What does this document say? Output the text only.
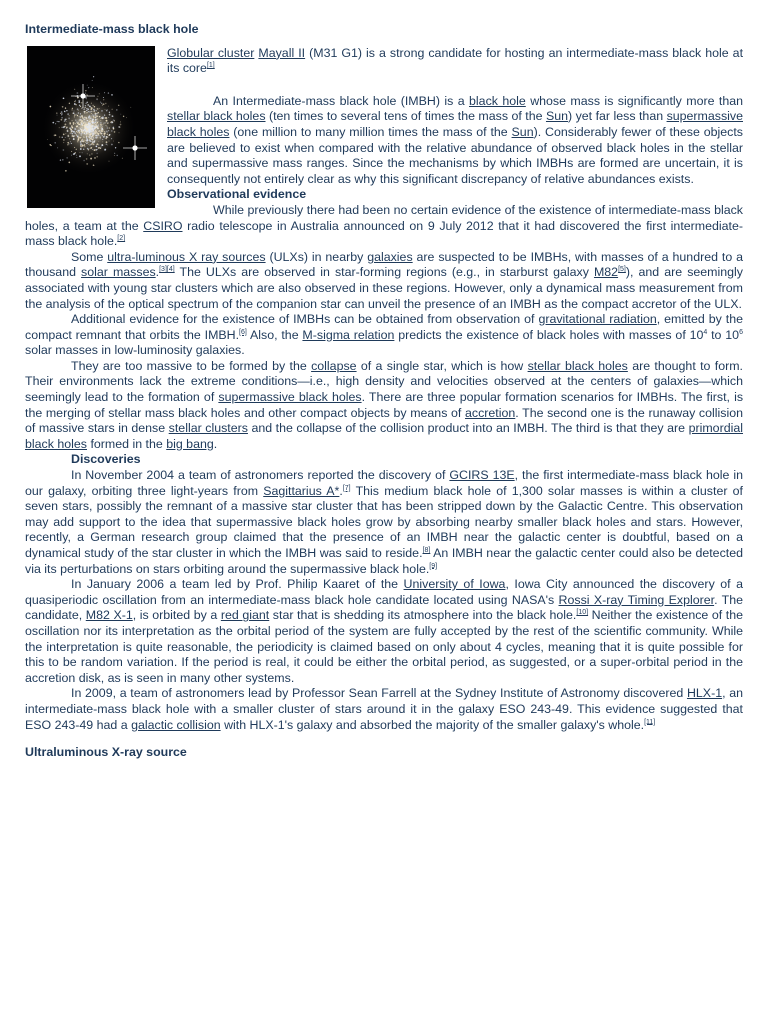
Intermediate-mass black hole

Globular cluster Mayall II (M31 G1) is a strong candidate for hosting an intermediate-mass black hole at its core[1]

An Intermediate-mass black hole (IMBH) is a black hole whose mass is significantly more than stellar black holes (ten times to several tens of times the mass of the Sun) yet far less than supermassive black holes (one million to many million times the mass of the Sun). Considerably fewer of these objects are believed to exist when compared with the relative abundance of observed black holes in the stellar and supermassive mass ranges. Since the mechanisms by which IMBHs are formed are uncertain, it is consequently not entirely clear as why this significant discrepancy of relative abundances exists.

Observational evidence

While previously there had been no certain evidence of the existence of intermediate-mass black holes, a team at the CSIRO radio telescope in Australia announced on 9 July 2012 that it had discovered the first intermediate-mass black hole.[2]

Some ultra-luminous X ray sources (ULXs) in nearby galaxies are suspected to be IMBHs, with masses of a hundred to a thousand solar masses.[3][4] The ULXs are observed in star-forming regions (e.g., in starburst galaxy M82[5]), and are seemingly associated with young star clusters which are also observed in these regions. However, only a dynamical mass measurement from the analysis of the optical spectrum of the companion star can unveil the presence of an IMBH as the compact accretor of the ULX.

Additional evidence for the existence of IMBHs can be obtained from observation of gravitational radiation, emitted by the compact remnant that orbits the IMBH.[6] Also, the M-sigma relation predicts the existence of black holes with masses of $10^4$ to $10^6$ solar masses in low-luminosity galaxies.

They are too massive to be formed by the collapse of a single star, which is how stellar black holes are thought to form. Their environments lack the extreme conditions—i.e., high density and velocities observed at the centers of galaxies—which seemingly lead to the formation of supermassive black holes. There are three popular formation scenarios for IMBHs. The first, is the merging of stellar mass black holes and other compact objects by means of accretion. The second one is the runaway collision of massive stars in dense stellar clusters and the collapse of the collision product into an IMBH. The third is that they are primordial black holes formed in the big bang.

Discoveries

In November 2004 a team of astronomers reported the discovery of GCIRS 13E, the first intermediate-mass black hole in our galaxy, orbiting three light-years from Sagittarius A*.[7] This medium black hole of 1,300 solar masses is within a cluster of seven stars, possibly the remnant of a massive star cluster that has been stripped down by the Galactic Centre. This observation may add support to the idea that supermassive black holes grow by absorbing nearby smaller black holes and stars. However, recently, a German research group claimed that the presence of an IMBH near the galactic center is doubtful, based on a dynamical study of the star cluster in which the IMBH was said to reside.[8] An IMBH near the galactic center could also be detected via its perturbations on stars orbiting around the supermassive black hole.[9]

In January 2006 a team led by Prof. Philip Kaaret of the University of Iowa, Iowa City announced the discovery of a quasiperiodic oscillation from an intermediate-mass black hole candidate located using NASA's Rossi X-ray Timing Explorer. The candidate, M82 X-1, is orbited by a red giant star that is shedding its atmosphere into the black hole.[10] Neither the existence of the oscillation nor its interpretation as the orbital period of the system are fully accepted by the rest of the scientific community. While the interpretation is quite reasonable, the periodicity is claimed based on only about 4 cycles, meaning that it is quite possible for this to be random variation. If the period is real, it could be either the orbital period, as suggested, or a super-orbital period in the accretion disk, as is seen in many other systems.

In 2009, a team of astronomers lead by Professor Sean Farrell at the Sydney Institute of Astronomy discovered HLX-1, an intermediate-mass black hole with a smaller cluster of stars around it in the galaxy ESO 243-49. This evidence suggested that ESO 243-49 had a galactic collision with HLX-1's galaxy and absorbed the majority of the smaller galaxy's whole.[11]

Ultraluminous X-ray source
